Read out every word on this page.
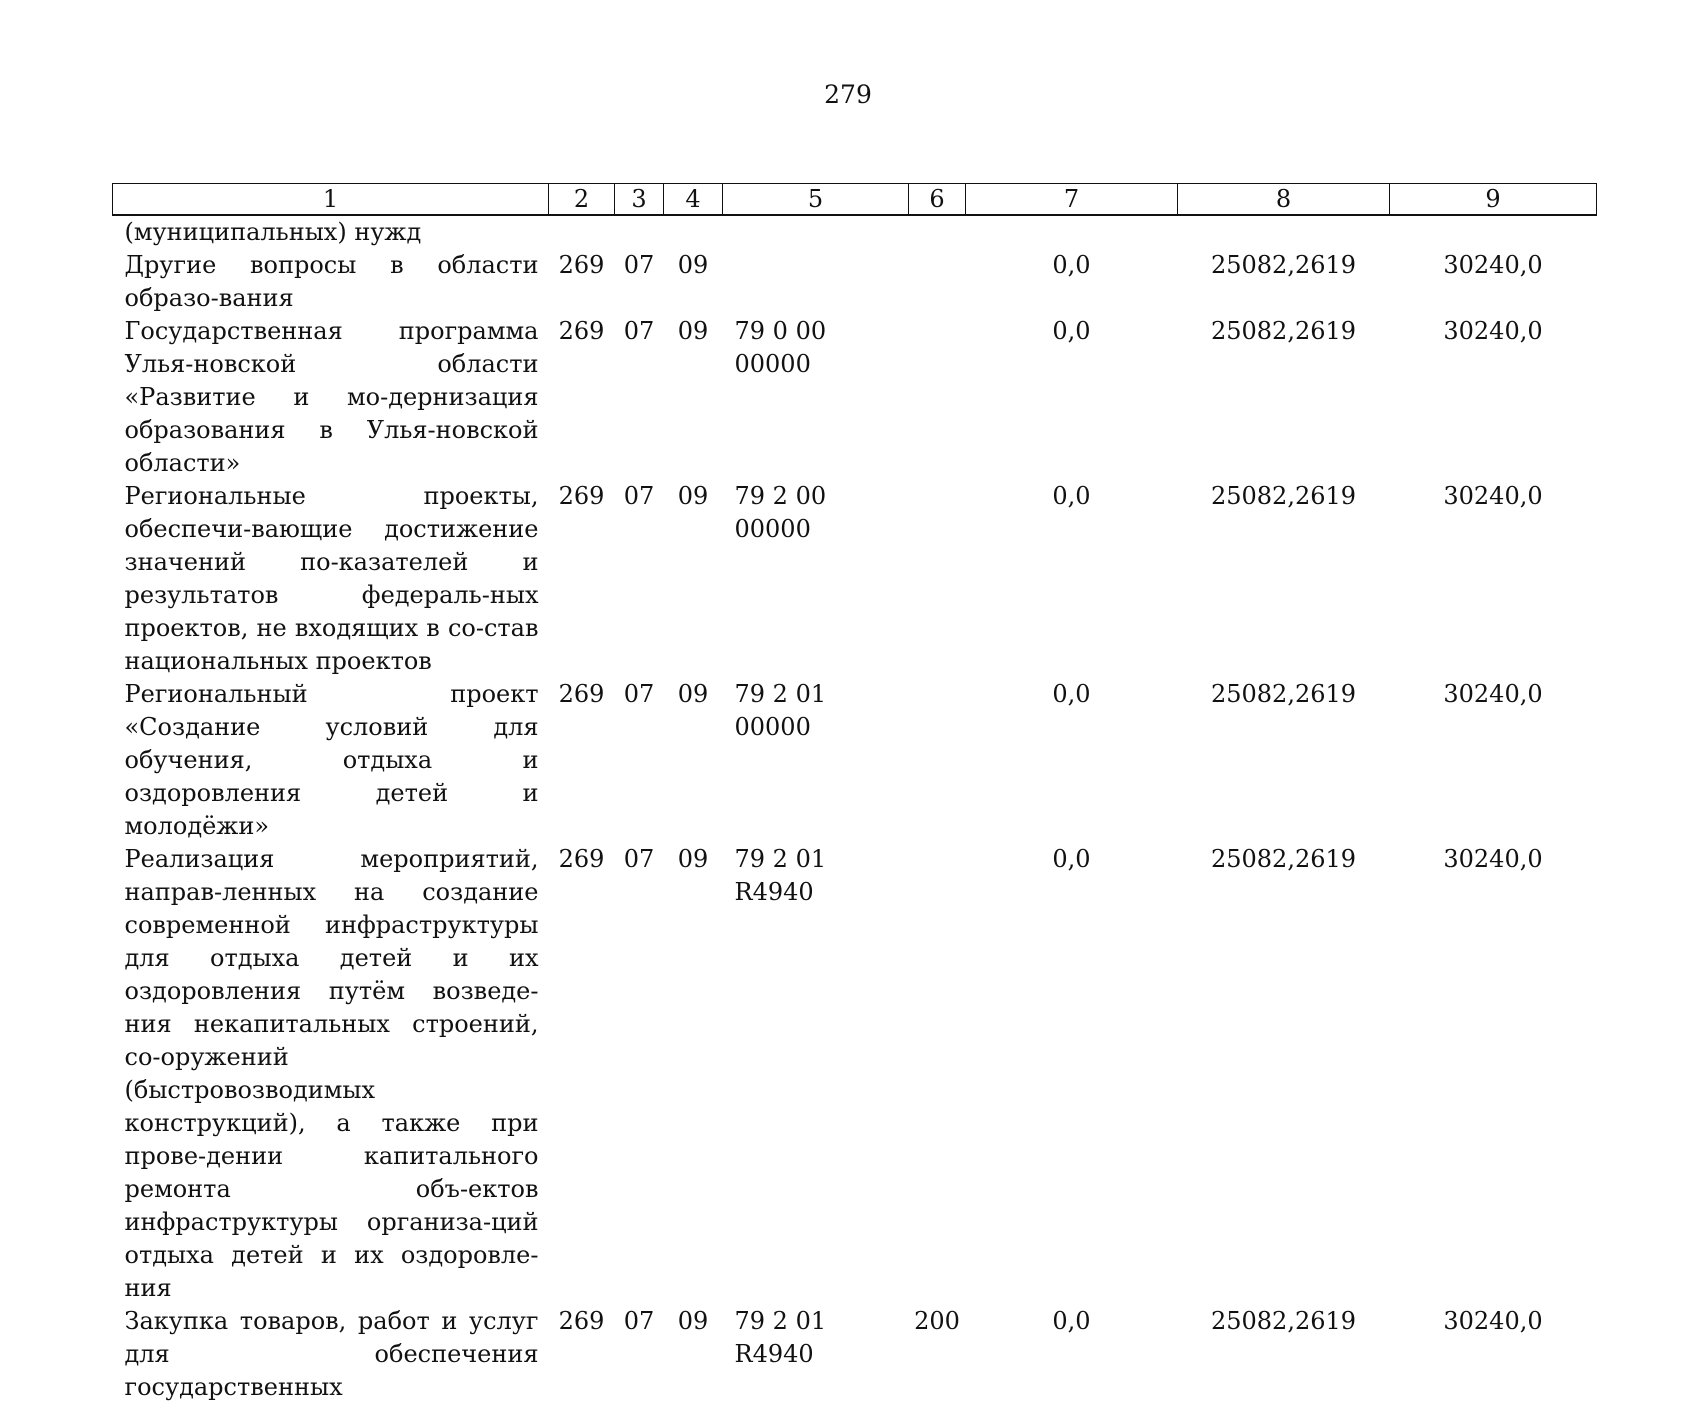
279
1	2	3	4	5	6	7	8	9
(муниципальных) нужд								
Другие вопросы в области образо-вания	269	07	09			0,0	25082,2619	30240,0
Государственная программа Улья-новской области «Развитие и мо-дернизация образования в Улья-новской области»	269	07	09	79 0 00 00000		0,0	25082,2619	30240,0
Региональные проекты, обеспечи-вающие достижение значений по-казателей и результатов федераль-ных проектов, не входящих в со-став национальных проектов	269	07	09	79 2 00 00000		0,0	25082,2619	30240,0
Региональный проект «Создание условий для обучения, отдыха и оздоровления детей и молодёжи»	269	07	09	79 2 01 00000		0,0	25082,2619	30240,0
Реализация мероприятий, направ-ленных на создание современной инфраструктуры для отдыха детей и их оздоровления путём возведе-ния некапитальных строений, со-оружений (быстровозводимых конструкций), а также при прове-дении капитального ремонта объ-ектов инфраструктуры организа-ций отдыха детей и их оздоровле-ния	269	07	09	79 2 01 R4940		0,0	25082,2619	30240,0
Закупка товаров, работ и услуг для обеспечения государственных	269	07	09	79 2 01 R4940	200	0,0	25082,2619	30240,0
